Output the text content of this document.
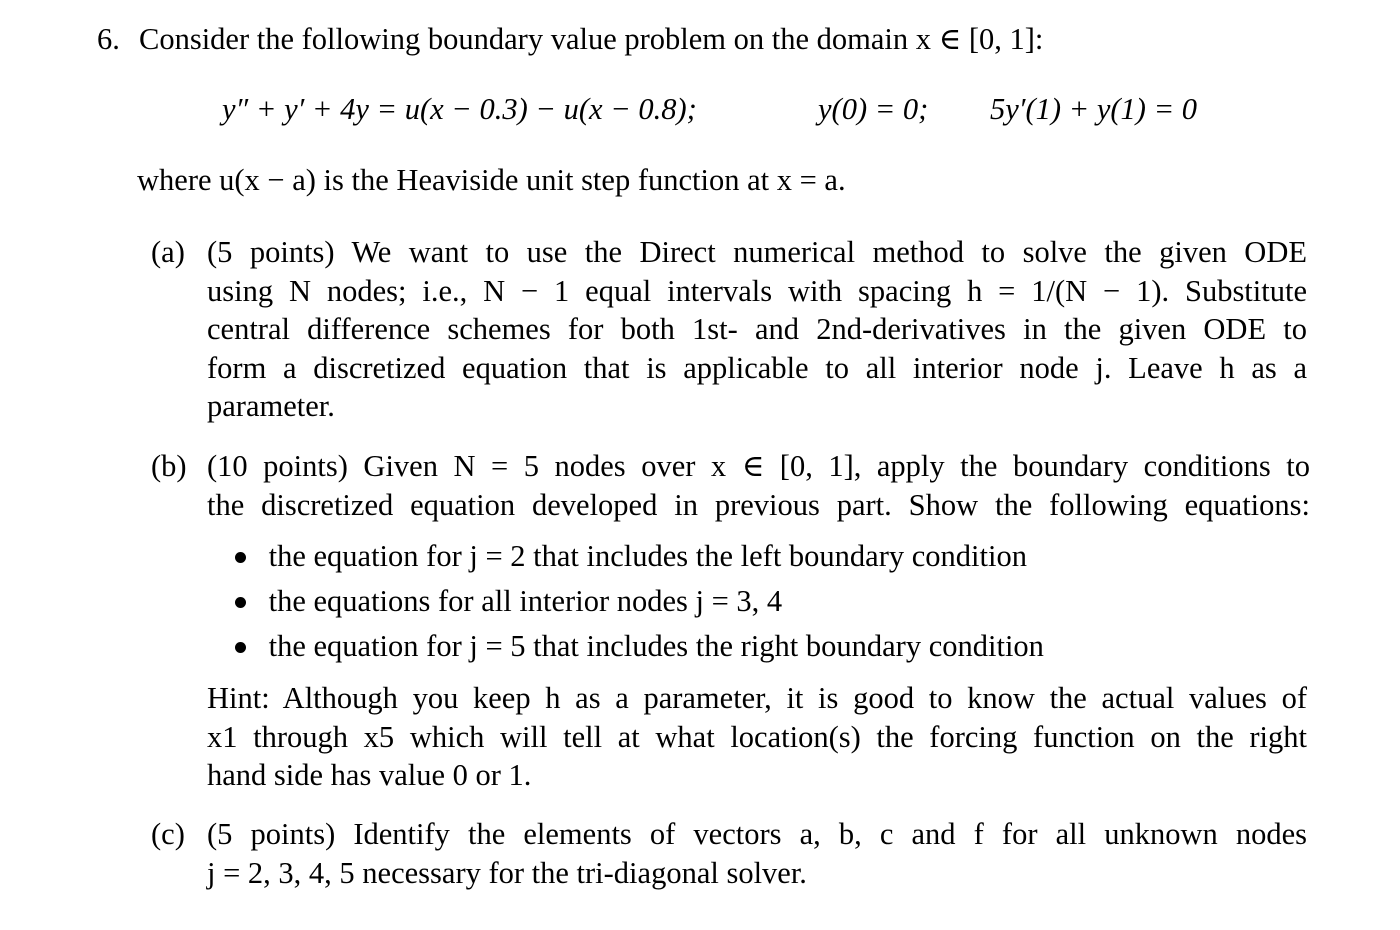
6. Consider the following boundary value problem on the domain x ∈ [0, 1]:
y″ + y′ + 4y = u(x − 0.3) − u(x − 0.8);	y(0) = 0; 5y′(1) + y(1) = 0
where u(x − a) is the Heaviside unit step function at x = a.
(a) (5 points) We want to use the Direct numerical method to solve the given ODE
using N nodes; i.e., N − 1 equal intervals with spacing h = 1/(N − 1). Substitute
central difference schemes for both 1st- and 2nd-derivatives in the given ODE to
form a discretized equation that is applicable to all interior node j. Leave h as a
parameter.
(b) (10 points) Given N = 5 nodes over x ∈ [0, 1], apply the boundary conditions to
the discretized equation developed in previous part. Show the following equations:
the equation for j = 2 that includes the left boundary condition
the equations for all interior nodes j = 3, 4
the equation for j = 5 that includes the right boundary condition
Hint: Although you keep h as a parameter, it is good to know the actual values of
x1 through x5 which will tell at what location(s) the forcing function on the right
hand side has value 0 or 1.
(c) (5 points) Identify the elements of vectors a, b, c and f for all unknown nodes
j = 2, 3, 4, 5 necessary for the tri-diagonal solver.
